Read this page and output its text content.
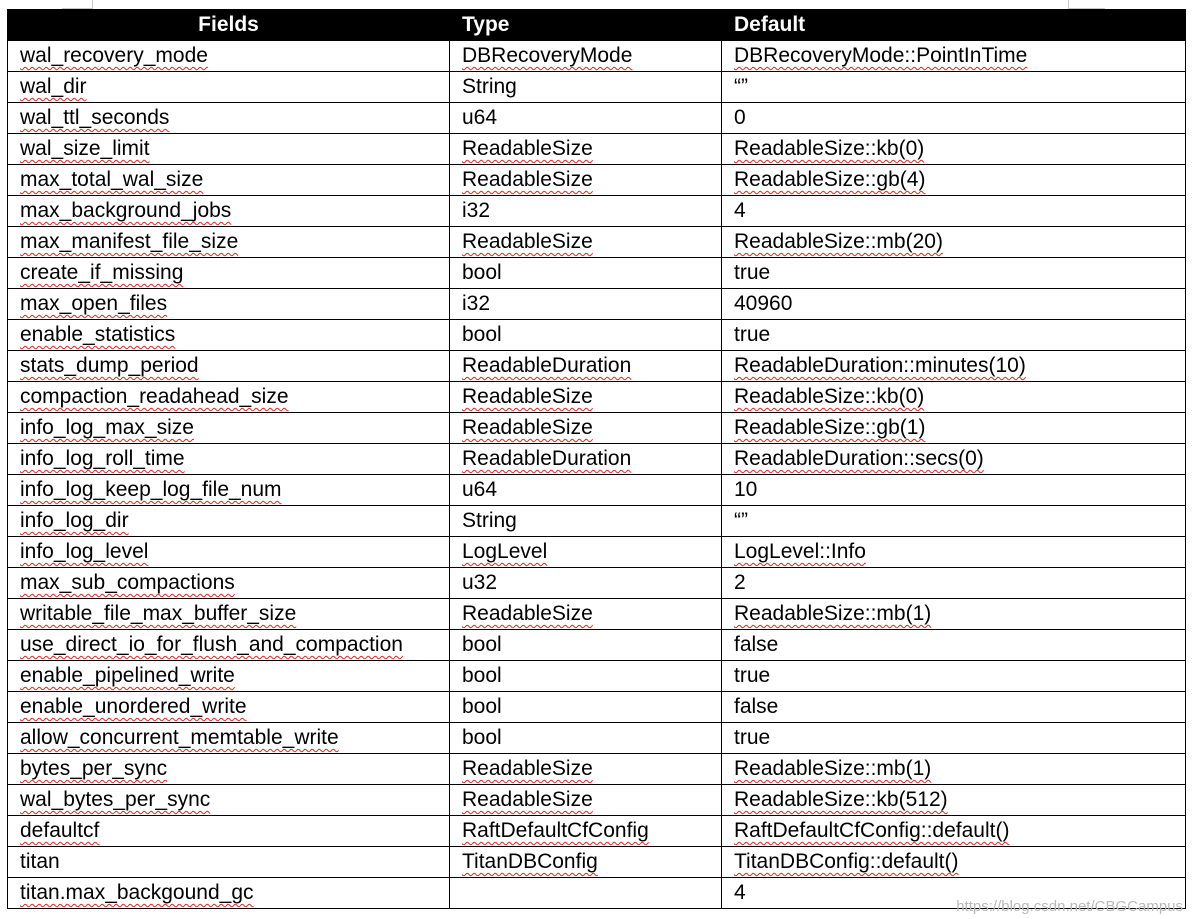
Fields	Type	Default
wal_recovery_mode	DBRecoveryMode	DBRecoveryMode::PointInTime
wal_dir	String	“”
wal_ttl_seconds	u64	0
wal_size_limit	ReadableSize	ReadableSize::kb(0)
max_total_wal_size	ReadableSize	ReadableSize::gb(4)
max_background_jobs	i32	4
max_manifest_file_size	ReadableSize	ReadableSize::mb(20)
create_if_missing	bool	true
max_open_files	i32	40960
enable_statistics	bool	true
stats_dump_period	ReadableDuration	ReadableDuration::minutes(10)
compaction_readahead_size	ReadableSize	ReadableSize::kb(0)
info_log_max_size	ReadableSize	ReadableSize::gb(1)
info_log_roll_time	ReadableDuration	ReadableDuration::secs(0)
info_log_keep_log_file_num	u64	10
info_log_dir	String	“”
info_log_level	LogLevel	LogLevel::Info
max_sub_compactions	u32	2
writable_file_max_buffer_size	ReadableSize	ReadableSize::mb(1)
use_direct_io_for_flush_and_compaction	bool	false
enable_pipelined_write	bool	true
enable_unordered_write	bool	false
allow_concurrent_memtable_write	bool	true
bytes_per_sync	ReadableSize	ReadableSize::mb(1)
wal_bytes_per_sync	ReadableSize	ReadableSize::kb(512)
defaultcf	RaftDefaultCfConfig	RaftDefaultCfConfig::default()
titan	TitanDBConfig	TitanDBConfig::default()
titan.max_backgound_gc		4
https://blog.csdn.net/CBGCampus
